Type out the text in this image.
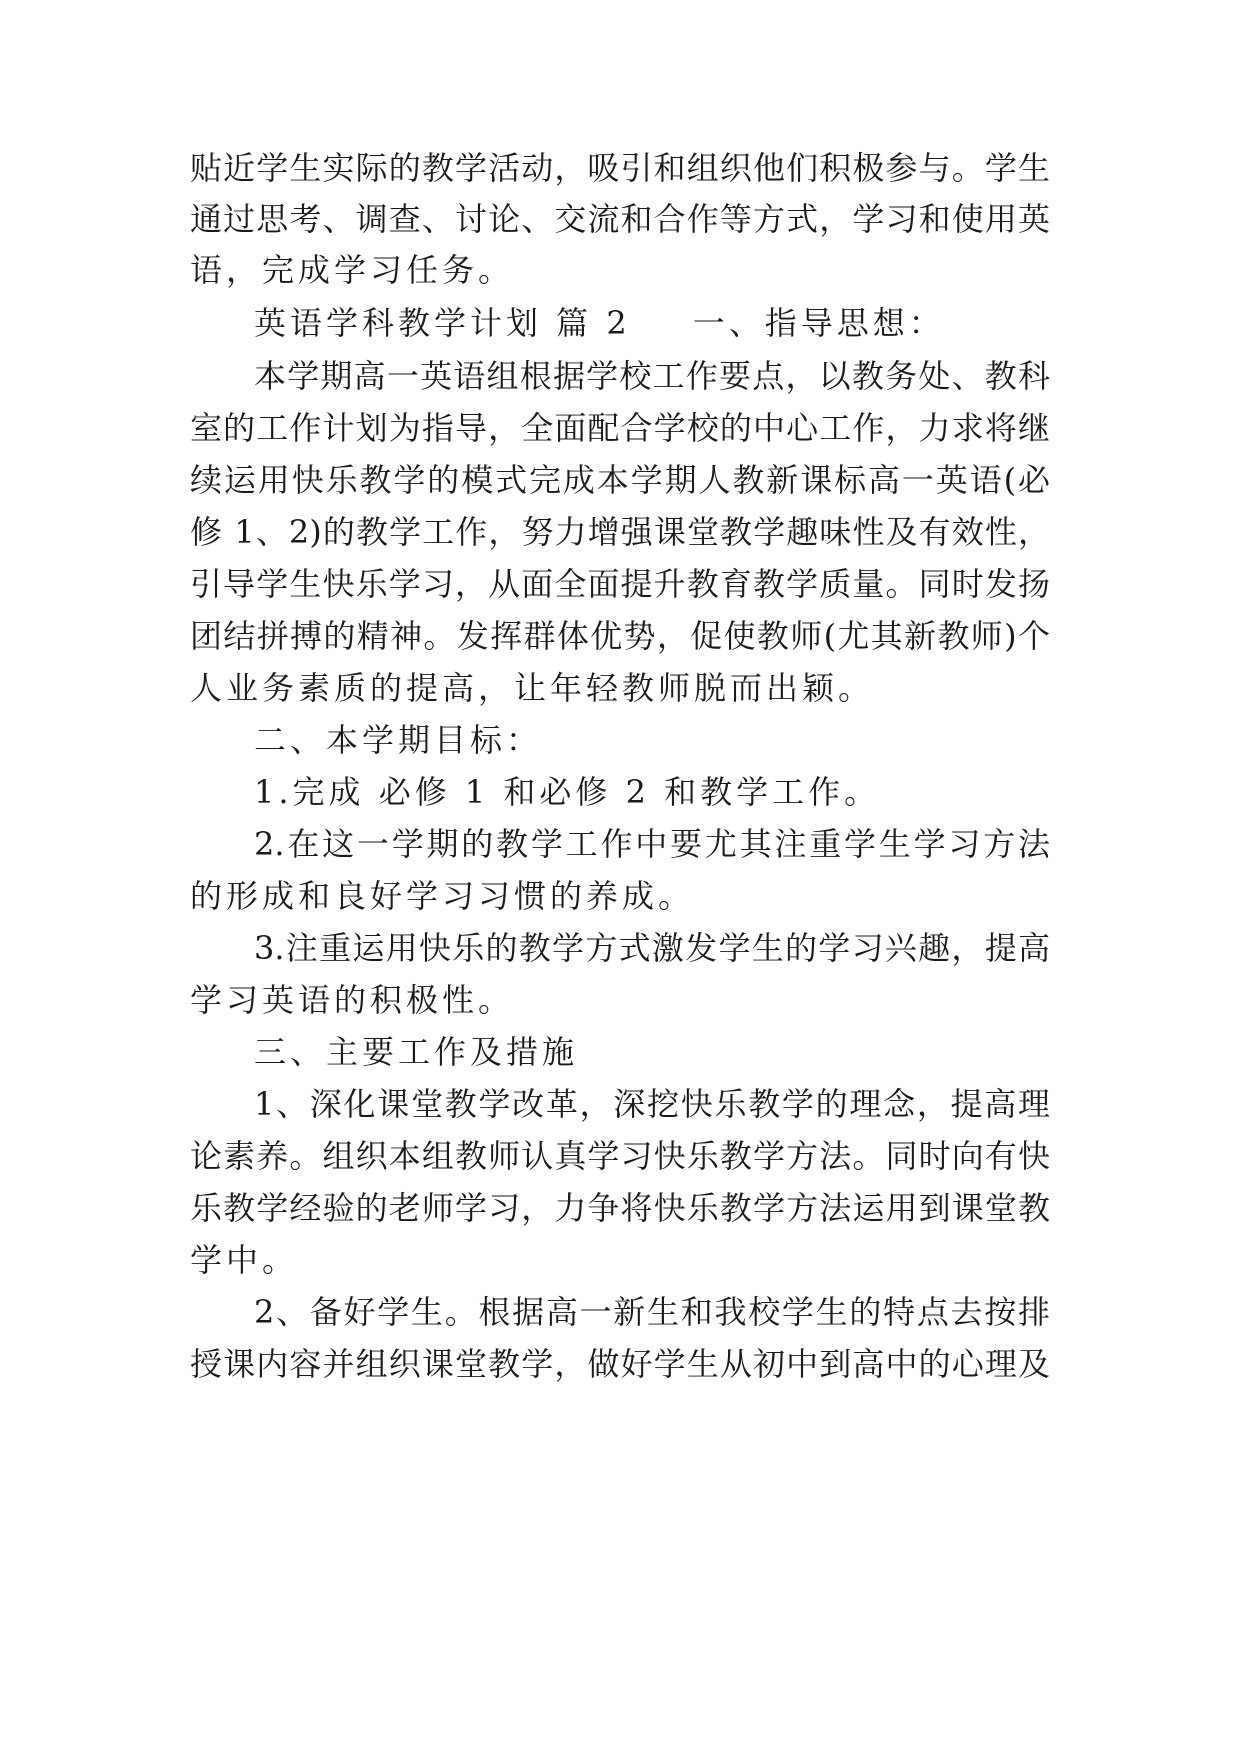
贴近学生实际的教学活动，吸引和组织他们积极参与。学生
通过思考、调查、讨论、交流和合作等方式，学习和使用英
语，完成学习任务。
英语学科教学计划 篇 2 一、指导思想：
本学期高一英语组根据学校工作要点，以教务处、教科
室的工作计划为指导，全面配合学校的中心工作，力求将继
续运用快乐教学的模式完成本学期人教新课标高一英语(必
修 1、2)的教学工作，努力增强课堂教学趣味性及有效性，
引导学生快乐学习，从面全面提升教育教学质量。同时发扬
团结拼搏的精神。发挥群体优势，促使教师(尤其新教师)个
人业务素质的提高，让年轻教师脱而出颖。
二、本学期目标：
1.完成 必修 1 和必修 2 和教学工作。
2.在这一学期的教学工作中要尤其注重学生学习方法
的形成和良好学习习惯的养成。
3.注重运用快乐的教学方式激发学生的学习兴趣，提高
学习英语的积极性。
三、主要工作及措施
1、深化课堂教学改革，深挖快乐教学的理念，提高理
论素养。组织本组教师认真学习快乐教学方法。同时向有快
乐教学经验的老师学习，力争将快乐教学方法运用到课堂教
学中。
2、备好学生。根据高一新生和我校学生的特点去按排
授课内容并组织课堂教学，做好学生从初中到高中的心理及
